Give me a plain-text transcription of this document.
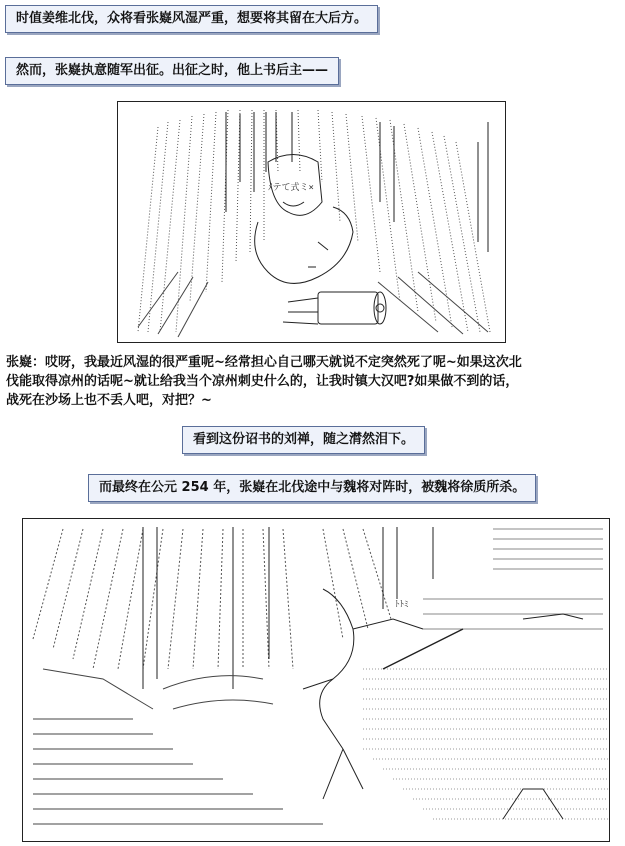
时值姜维北伐，众将看张嶷风湿严重，想要将其留在大后方。
然而，张嶷执意随军出征。出征之时，他上书后主——
ﾒテて式ミ×
张嶷：哎呀，我最近风湿的很严重呢~经常担心自己哪天就说不定突然死了呢~如果这次北
伐能取得凉州的话呢~就让给我当个凉州刺史什么的，让我时镇大汉吧?如果做不到的话，
战死在沙场上也不丢人吧，对把？~
看到这份诏书的刘禅，随之潸然泪下。
而最终在公元 254 年，张嶷在北伐途中与魏将对阵时，被魏将徐质所杀。
ﾄﾄﾐ
